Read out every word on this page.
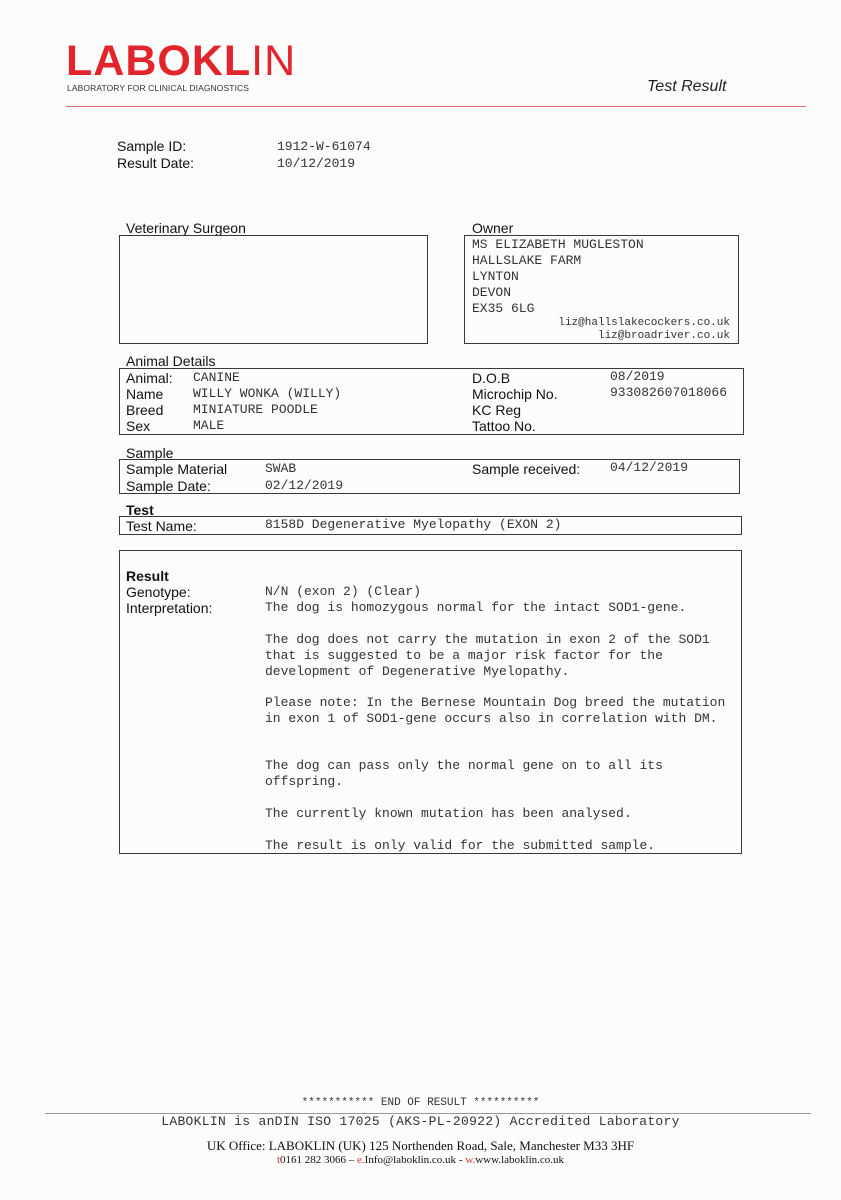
LABOKLIN
LABORATORY FOR CLINICAL DIAGNOSTICS	Test Result
Sample ID:	1912-W-61074
Result Date:	10/12/2019
Veterinary Surgeon	Owner
MS ELIZABETH MUGLESTON
HALLSLAKE FARM
LYNTON
DEVON
EX35 6LG
liz@hallslakecockers.co.uk
liz@broadriver.co.uk
Animal Details
Animal: CANINE
Name WILLY WONKA (WILLY)
Breed MINIATURE POODLE
Sex	MALE
D.O.B	08/2019
Microchip No.	933082607018066
KC Reg
Tattoo No.
Sample
Sample Material	SWAB
Sample Date:	02/12/2019
Sample received: 04/12/2019
Test
Test Name:	8158D Degenerative Myelopathy (EXON 2)
Result
Genotype:	N/N (exon 2) (Clear)
Interpretation:	The dog is homozygous normal for the intact SOD1-gene.
The dog does not carry the mutation in exon 2 of the SOD1 that is suggested to be a major risk factor for the development of Degenerative Myelopathy.
Please note: In the Bernese Mountain Dog breed the mutation in exon 1 of SOD1-gene occurs also in correlation with DM.
The dog can pass only the normal gene on to all its offspring.
The currently known mutation has been analysed.
The result is only valid for the submitted sample.
*********** END OF RESULT **********
LABOKLIN is anDIN ISO 17025 (AKS-PL-20922) Accredited Laboratory
UK Office: LABOKLIN (UK) 125 Northenden Road, Sale, Manchester M33 3HF
t0161 282 3066 – e.Info@laboklin.co.uk - w.www.laboklin.co.uk
